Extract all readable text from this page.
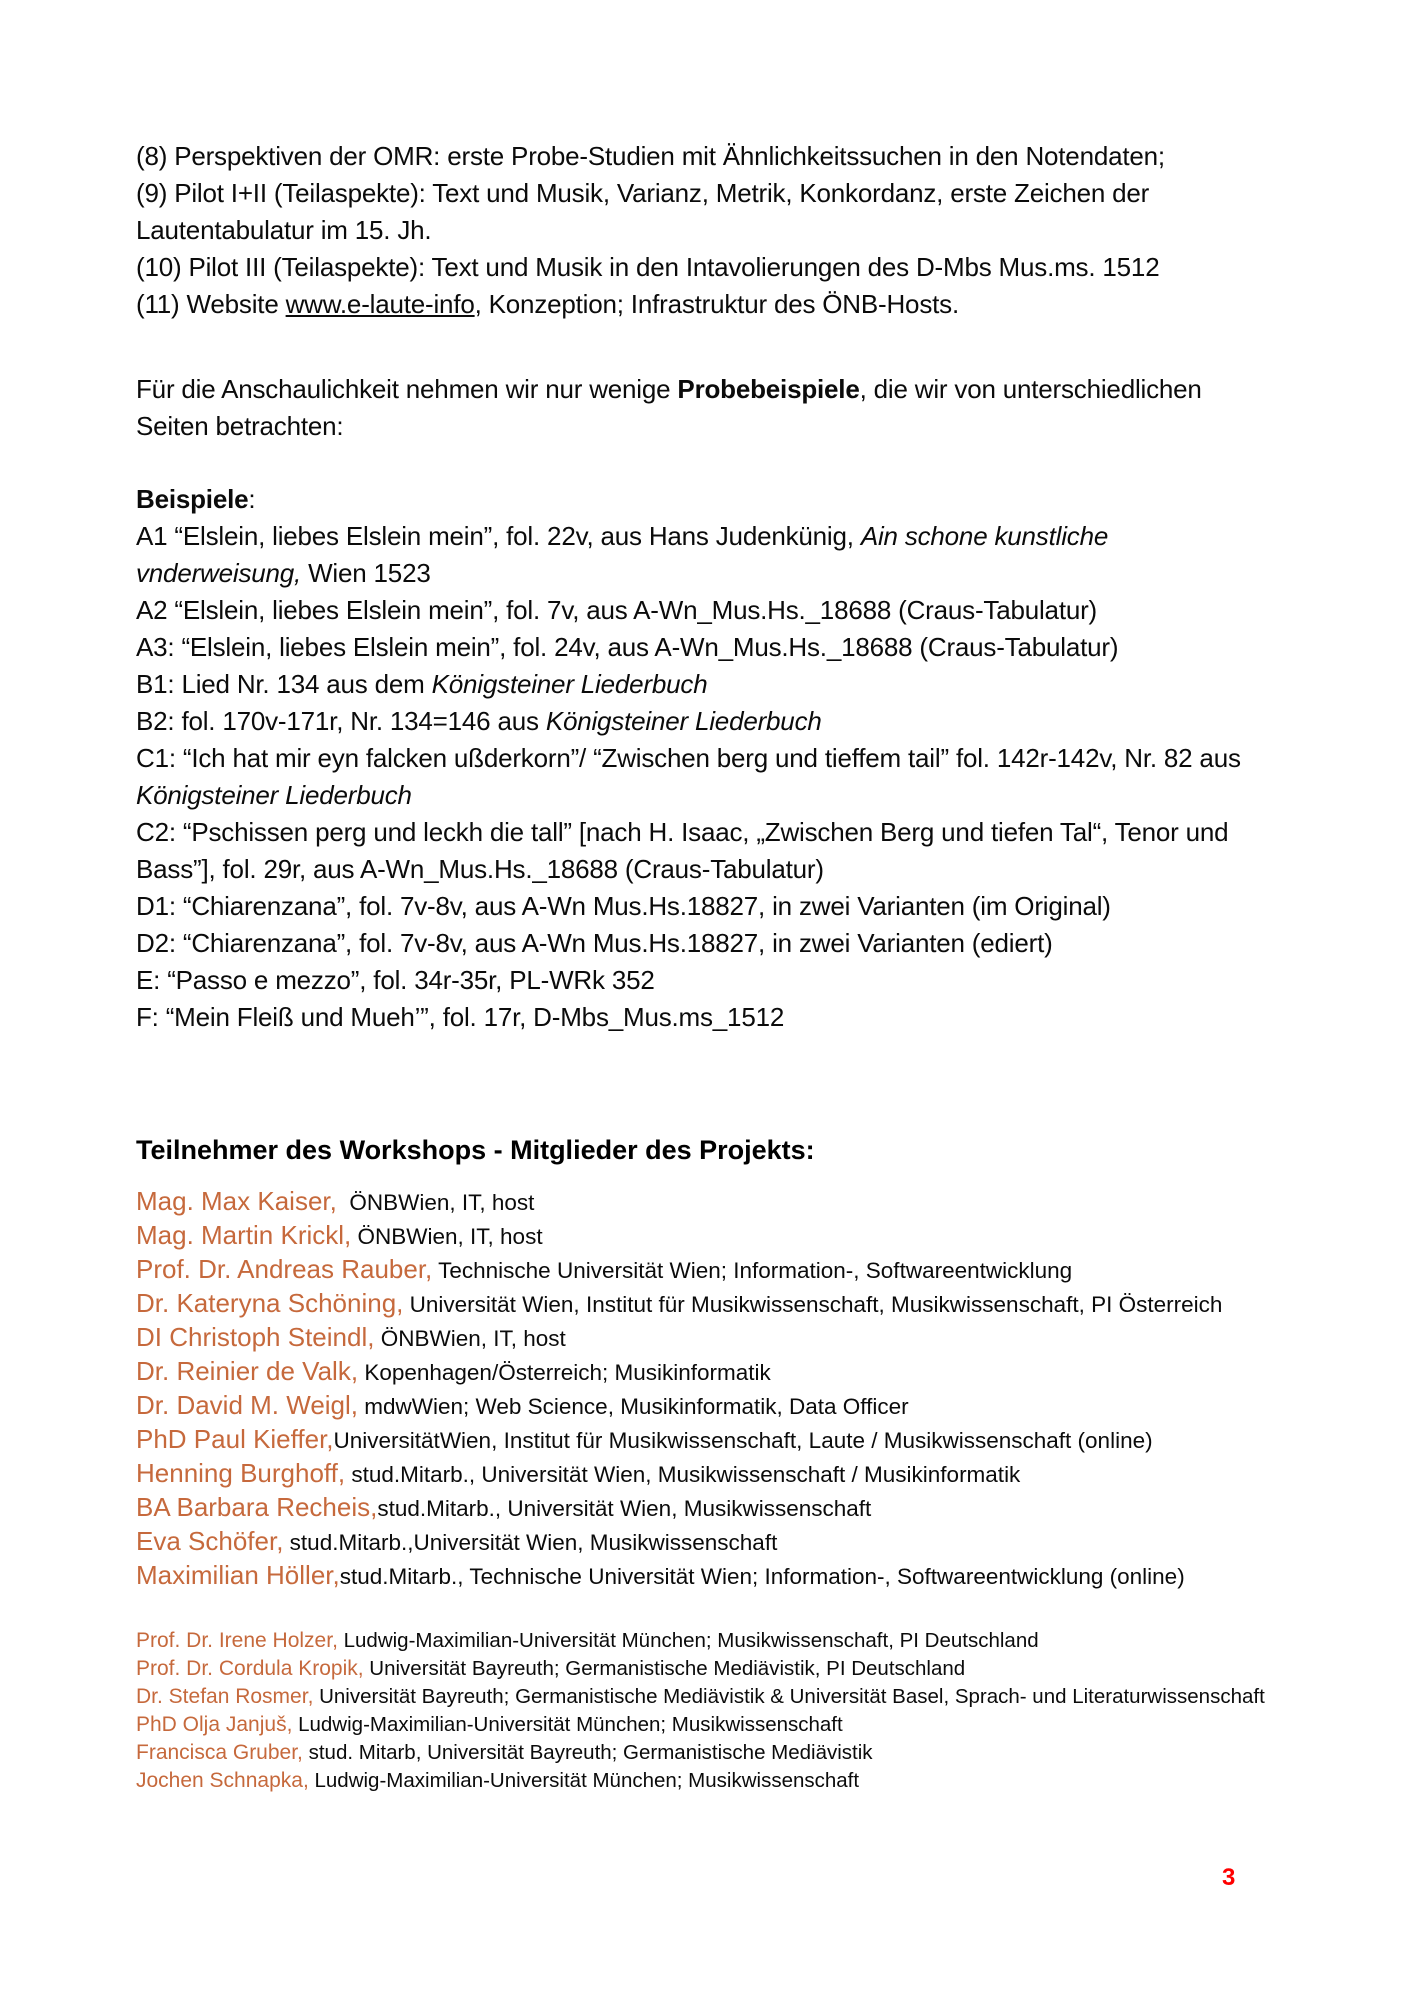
(8) Perspektiven der OMR: erste Probe-Studien mit Ähnlichkeitssuchen in den Notendaten;
(9) Pilot I+II (Teilaspekte): Text und Musik, Varianz, Metrik, Konkordanz, erste Zeichen der Lautentabulatur im 15. Jh.
(10) Pilot III (Teilaspekte): Text und Musik in den Intavolierungen des D-Mbs Mus.ms. 1512
(11) Website www.e-laute-info, Konzeption; Infrastruktur des ÖNB-Hosts.
Für die Anschaulichkeit nehmen wir nur wenige Probebeispiele, die wir von unterschiedlichen Seiten betrachten:
Beispiele:
A1 “Elslein, liebes Elslein mein”, fol. 22v, aus Hans Judenkünig, Ain schone kunstliche vnderweisung, Wien 1523
A2 “Elslein, liebes Elslein mein”, fol. 7v, aus A-Wn_Mus.Hs._18688 (Craus-Tabulatur)
A3: “Elslein, liebes Elslein mein”, fol. 24v, aus A-Wn_Mus.Hs._18688 (Craus-Tabulatur)
B1: Lied Nr. 134 aus dem Königsteiner Liederbuch
B2: fol. 170v-171r, Nr. 134=146 aus Königsteiner Liederbuch
C1: “Ich hat mir eyn falcken ußderkorn”/ “Zwischen berg und tieffem tail” fol. 142r-142v, Nr. 82 aus Königsteiner Liederbuch
C2: “Pschissen perg und leckh die tall” [nach H. Isaac, „Zwischen Berg und tiefen Tal“, Tenor und Bass”], fol. 29r, aus A-Wn_Mus.Hs._18688 (Craus-Tabulatur)
D1: “Chiarenzana”, fol. 7v-8v, aus A-Wn Mus.Hs.18827, in zwei Varianten (im Original)
D2: “Chiarenzana”, fol. 7v-8v, aus A-Wn Mus.Hs.18827, in zwei Varianten (ediert)
E: “Passo e mezzo”, fol. 34r-35r, PL-WRk 352
F: “Mein Fleiß und Mueh’”, fol. 17r, D-Mbs_Mus.ms_1512
Teilnehmer des Workshops - Mitglieder des Projekts:
Mag. Max Kaiser,  ÖNBWien, IT, host
Mag. Martin Krickl, ÖNBWien, IT, host
Prof. Dr. Andreas Rauber, Technische Universität Wien; Information-, Softwareentwicklung
Dr. Kateryna Schöning, Universität Wien, Institut für Musikwissenschaft, Musikwissenschaft, PI Österreich
DI Christoph Steindl, ÖNBWien, IT, host
Dr. Reinier de Valk, Kopenhagen/Österreich; Musikinformatik
Dr. David M. Weigl, mdwWien; Web Science, Musikinformatik, Data Officer
PhD Paul Kieffer,UniversitätWien, Institut für Musikwissenschaft, Laute / Musikwissenschaft (online)
Henning Burghoff, stud.Mitarb., Universität Wien, Musikwissenschaft / Musikinformatik
BA Barbara Recheis,stud.Mitarb., Universität Wien, Musikwissenschaft
Eva Schöfer, stud.Mitarb.,Universität Wien, Musikwissenschaft
Maximilian Höller,stud.Mitarb., Technische Universität Wien; Information-, Softwareentwicklung (online)
Prof. Dr. Irene Holzer, Ludwig-Maximilian-Universität München; Musikwissenschaft, PI Deutschland
Prof. Dr. Cordula Kropik, Universität Bayreuth; Germanistische Mediävistik, PI Deutschland
Dr. Stefan Rosmer, Universität Bayreuth; Germanistische Mediävistik & Universität Basel, Sprach- und Literaturwissenschaft
PhD Olja Janjuš, Ludwig-Maximilian-Universität München; Musikwissenschaft
Francisca Gruber, stud. Mitarb, Universität Bayreuth; Germanistische Mediävistik
Jochen Schnapka, Ludwig-Maximilian-Universität München; Musikwissenschaft
3
